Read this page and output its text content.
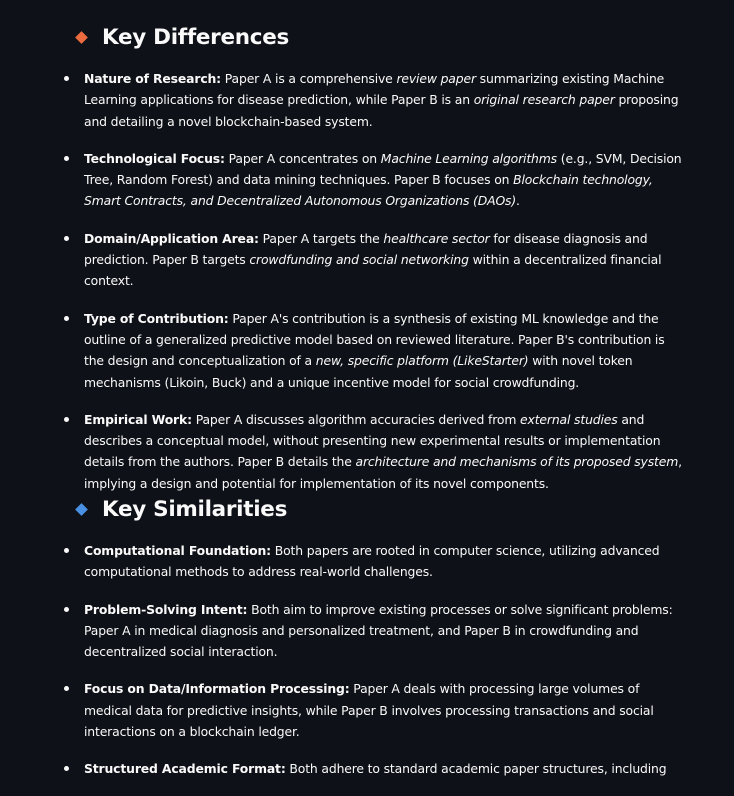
Key Differences
Nature of Research: Paper A is a comprehensive review paper summarizing existing Machine Learning applications for disease prediction, while Paper B is an original research paper proposing and detailing a novel blockchain-based system.
Technological Focus: Paper A concentrates on Machine Learning algorithms (e.g., SVM, Decision Tree, Random Forest) and data mining techniques. Paper B focuses on Blockchain technology, Smart Contracts, and Decentralized Autonomous Organizations (DAOs).
Domain/Application Area: Paper A targets the healthcare sector for disease diagnosis and prediction. Paper B targets crowdfunding and social networking within a decentralized financial context.
Type of Contribution: Paper A's contribution is a synthesis of existing ML knowledge and the outline of a generalized predictive model based on reviewed literature. Paper B's contribution is the design and conceptualization of a new, specific platform (LikeStarter) with novel token mechanisms (Likoin, Buck) and a unique incentive model for social crowdfunding.
Empirical Work: Paper A discusses algorithm accuracies derived from external studies and describes a conceptual model, without presenting new experimental results or implementation details from the authors. Paper B details the architecture and mechanisms of its proposed system, implying a design and potential for implementation of its novel components.
Key Similarities
Computational Foundation: Both papers are rooted in computer science, utilizing advanced computational methods to address real-world challenges.
Problem-Solving Intent: Both aim to improve existing processes or solve significant problems: Paper A in medical diagnosis and personalized treatment, and Paper B in crowdfunding and decentralized social interaction.
Focus on Data/Information Processing: Paper A deals with processing large volumes of medical data for predictive insights, while Paper B involves processing transactions and social interactions on a blockchain ledger.
Structured Academic Format: Both adhere to standard academic paper structures, including
